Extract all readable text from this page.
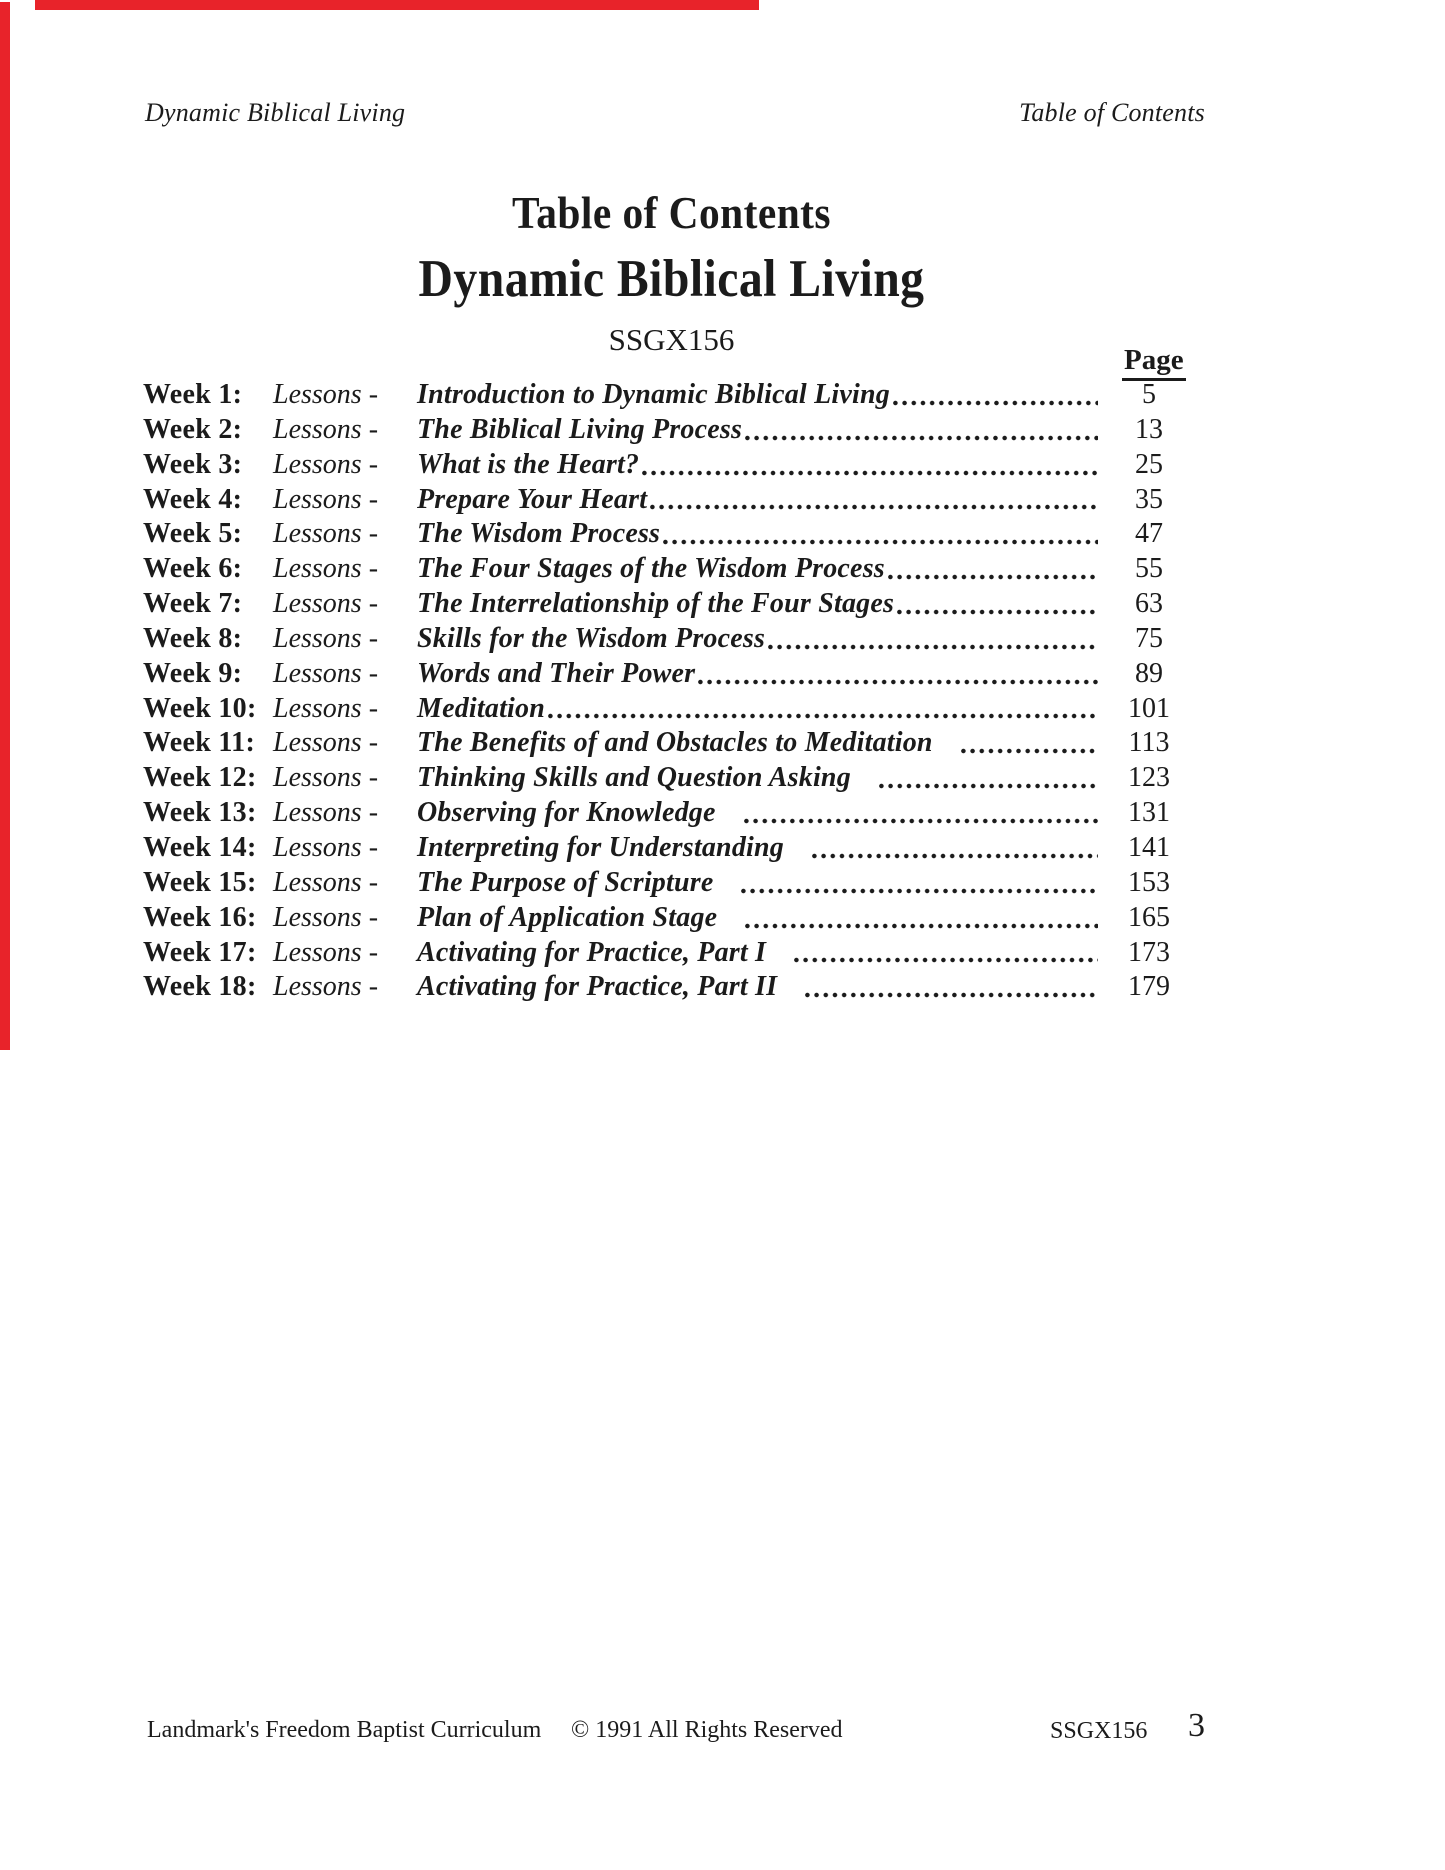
Dynamic Biblical Living	Table of Contents
Table of Contents
Dynamic Biblical Living
SSGX156
Page
Week 1:	Lessons -	Introduction to Dynamic Biblical Living	5
Week 2:	Lessons -	The Biblical Living Process	13
Week 3:	Lessons -	What is the Heart?	25
Week 4:	Lessons -	Prepare Your Heart	35
Week 5:	Lessons -	The Wisdom Process	47
Week 6:	Lessons -	The Four Stages of the Wisdom Process	55
Week 7:	Lessons -	The Interrelationship of the Four Stages	63
Week 8:	Lessons -	Skills for the Wisdom Process	75
Week 9:	Lessons -	Words and Their Power	89
Week 10: Lessons -	Meditation	101
Week 11: Lessons -	The Benefits of and Obstacles to Meditation	113
Week 12: Lessons -	Thinking Skills and Question Asking	123
Week 13: Lessons -	Observing for Knowledge	131
Week 14: Lessons -	Interpreting for Understanding	141
Week 15: Lessons -	The Purpose of Scripture	153
Week 16: Lessons -	Plan of Application Stage	165
Week 17: Lessons -	Activating for Practice, Part I	173
Week 18: Lessons -	Activating for Practice, Part II	179
Landmark's Freedom Baptist Curriculum © 1991 All Rights Reserved	SSGX156 3
